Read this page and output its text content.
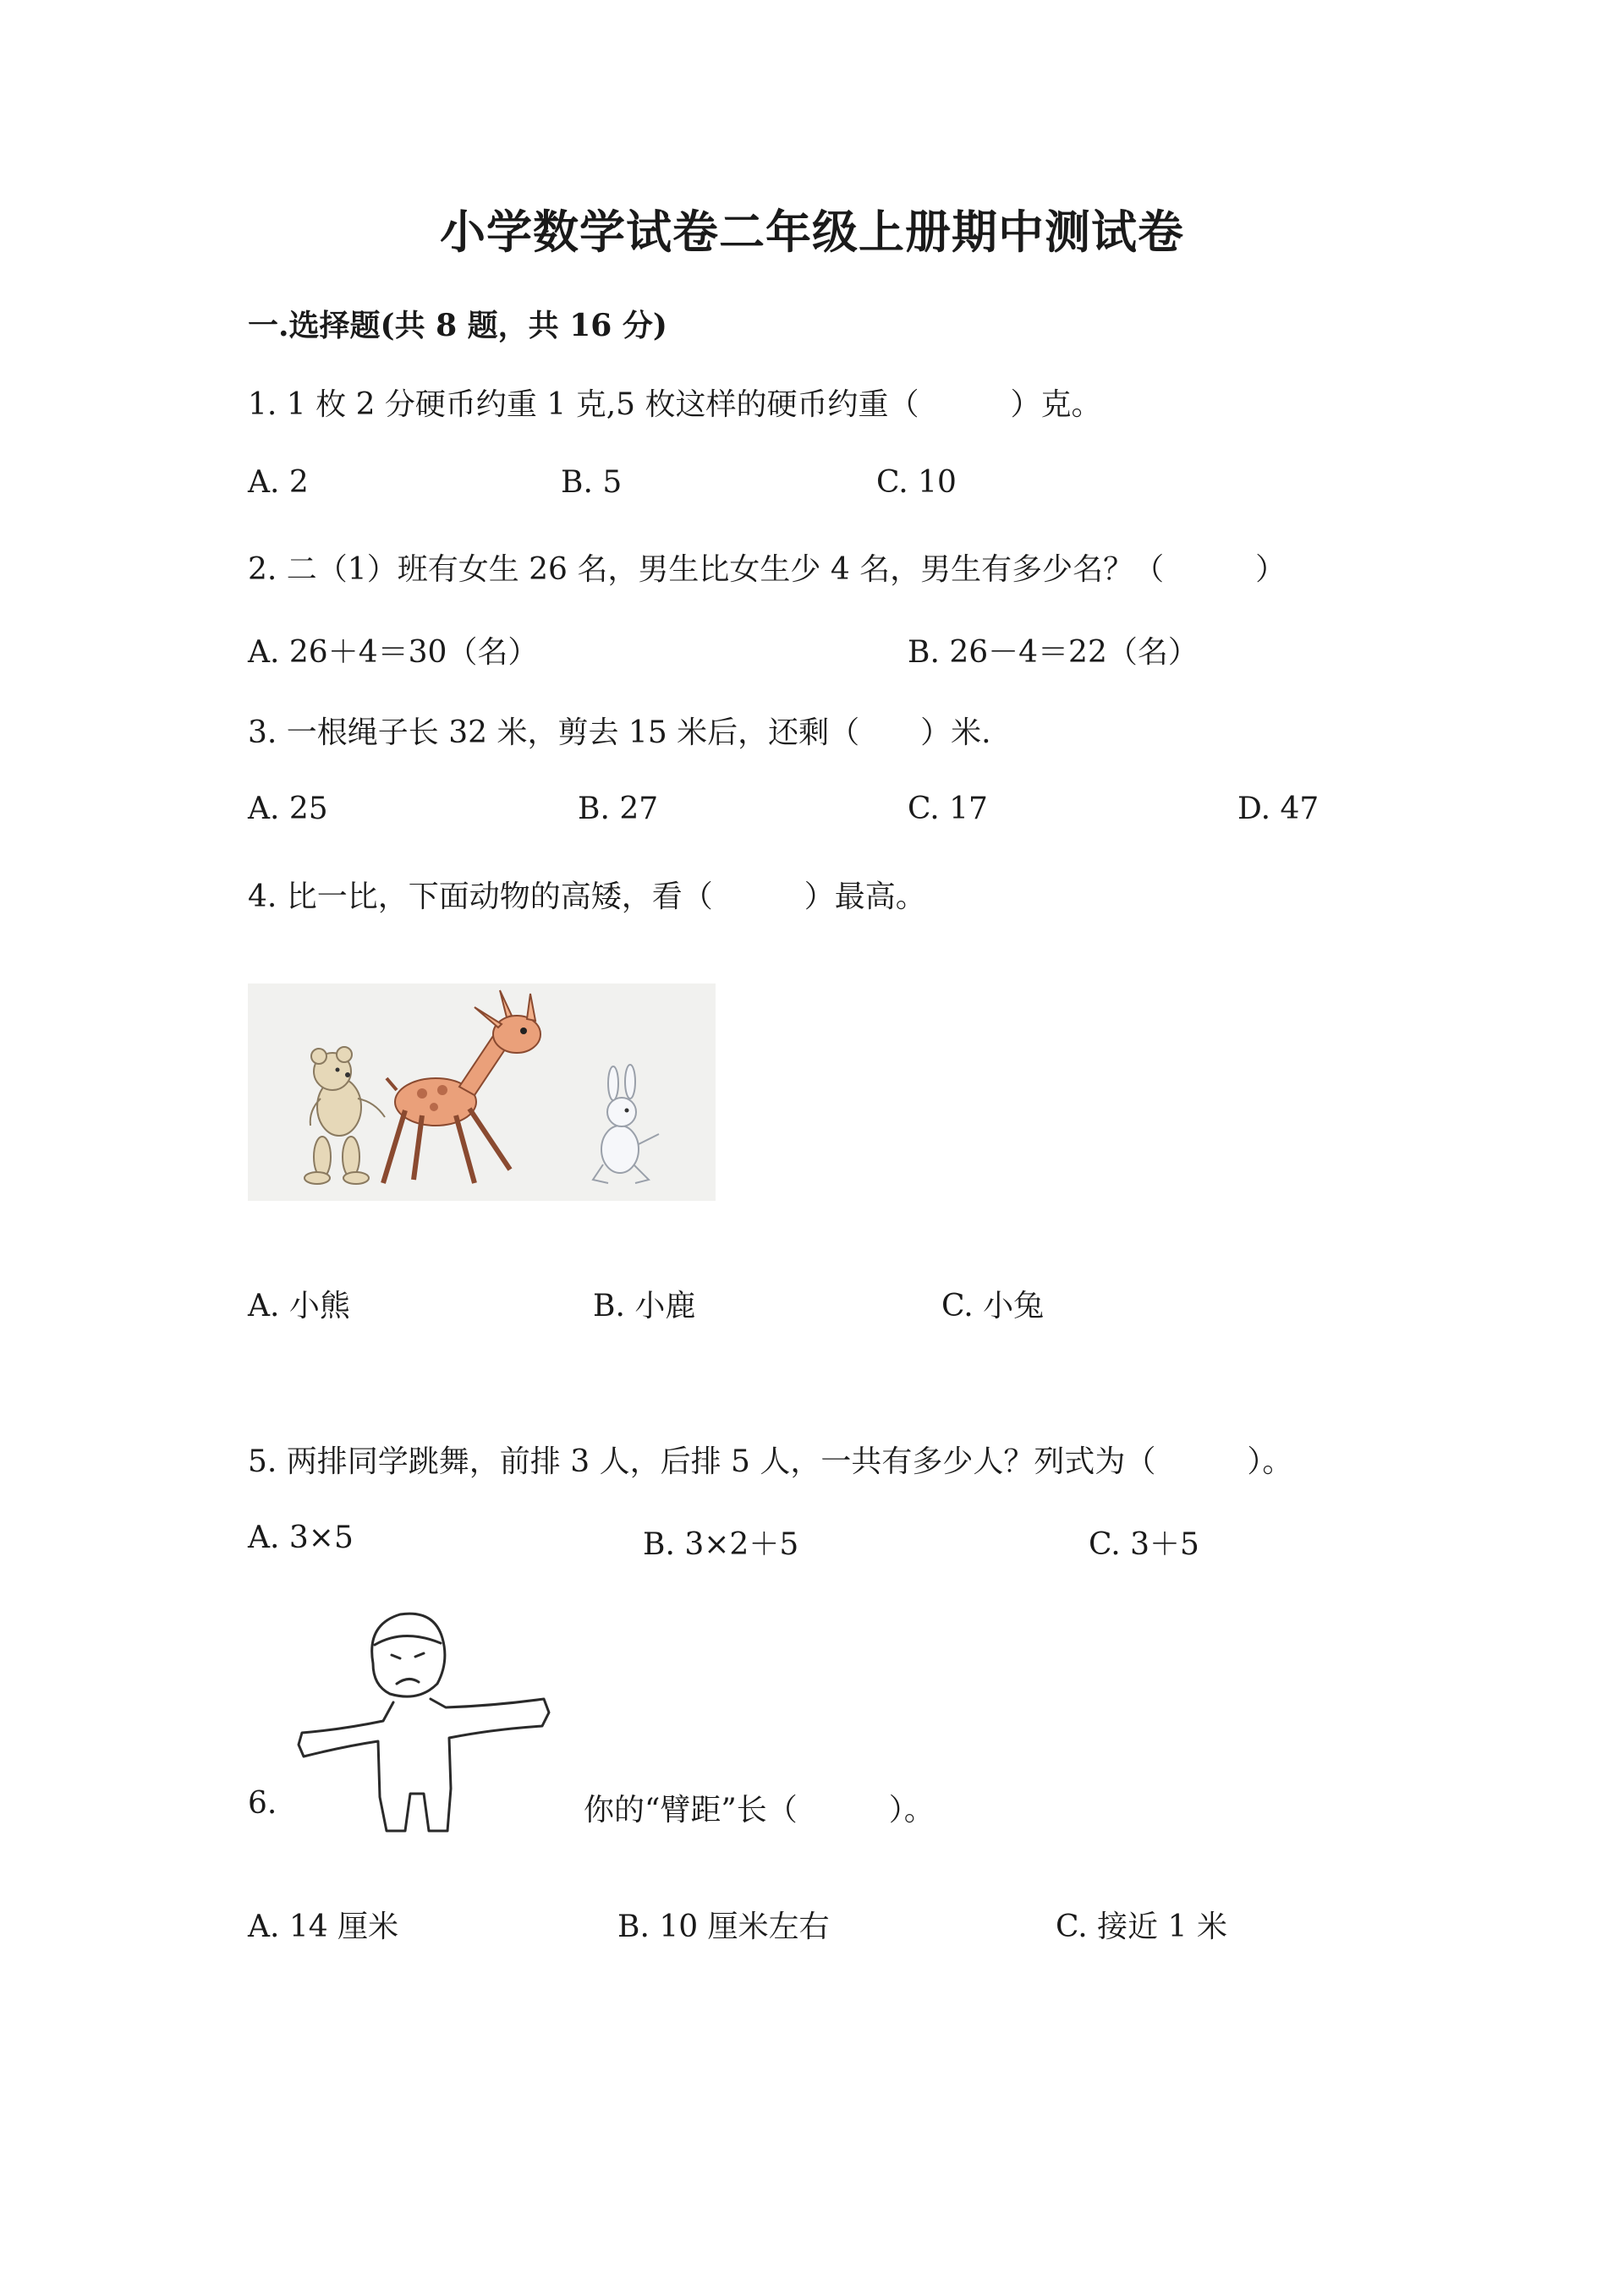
小学数学试卷二年级上册期中测试卷
一.选择题(共 8 题，共 16 分)
1. 1 枚 2 分硬币约重 1 克,5 枚这样的硬币约重（　　　）克。
A. 2	B. 5	C. 10
2. 二（1）班有女生 26 名，男生比女生少 4 名，男生有多少名？（　　　）
A. 26＋4＝30（名）	B. 26－4＝22（名）
3. 一根绳子长 32 米，剪去 15 米后，还剩（　　）米.
A. 25	B. 27	C. 17	D. 47
4. 比一比，下面动物的高矮，看（　　　）最高。
A. 小熊	B. 小鹿	C. 小兔
5. 两排同学跳舞，前排 3 人，后排 5 人，一共有多少人？列式为（　　　）。
A. 3×5	B. 3×2＋5	C. 3＋5
6.	你的“臂距”长（　　　）。
A. 14 厘米	B. 10 厘米左右	C. 接近 1 米
